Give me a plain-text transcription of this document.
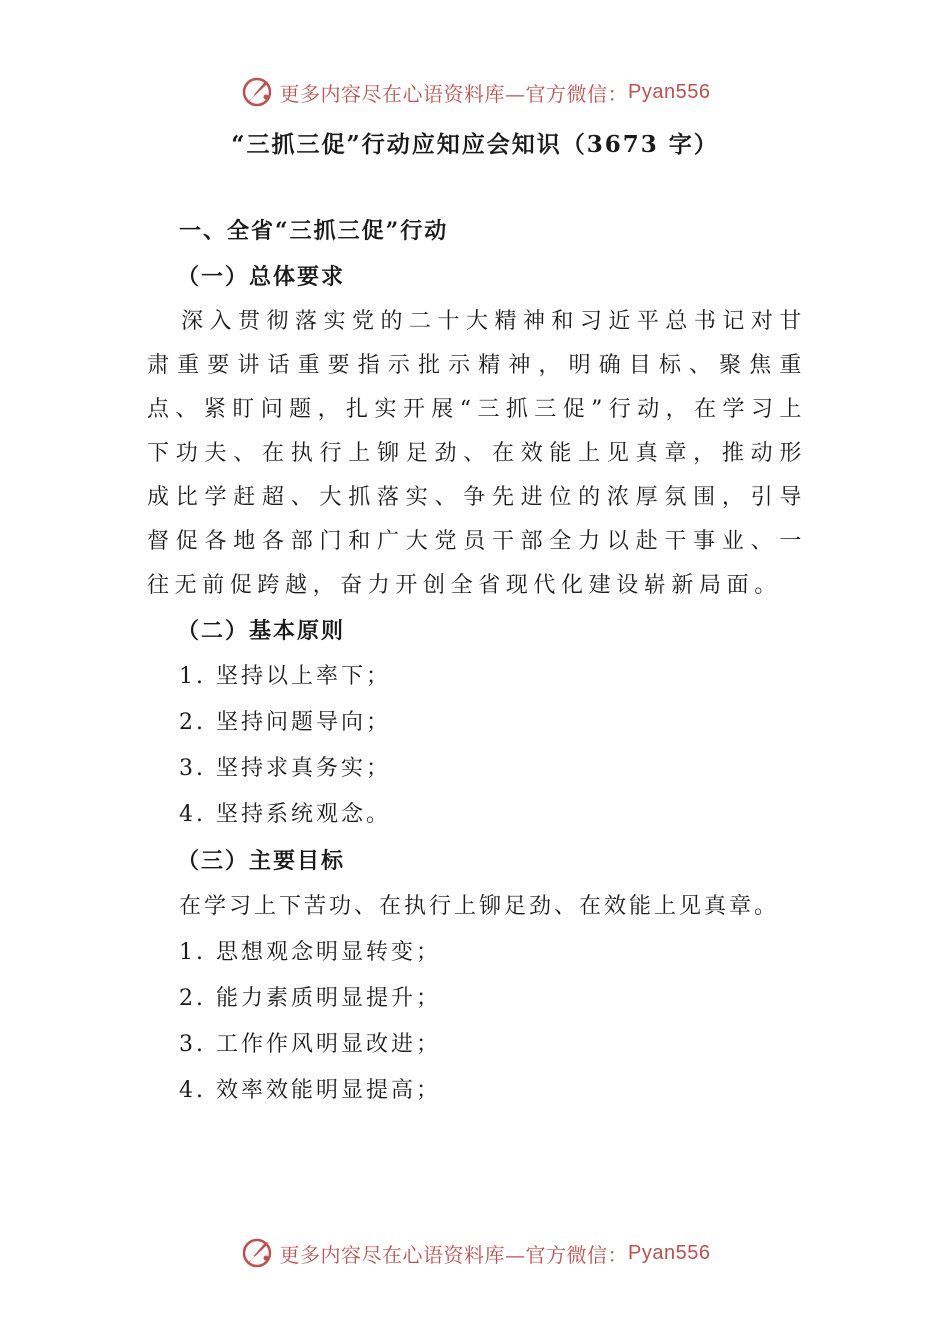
更多内容尽在心语资料库—官方微信： Pyan556
“三抓三促”行动应知应会知识（3673 字）
一、全省“三抓三促”行动
（一）总体要求

深入贯彻落实党的二十大精神和习近平总书记对甘肃重要讲话重要指示批示精神，明确目标、聚焦重点、紧盯问题，扎实开展“三抓三促”行动，在学习上下功夫、在执行上铆足劲、在效能上见真章，推动形成比学赶超、大抓落实、争先进位的浓厚氛围，引导督促各地各部门和广大党员干部全力以赴干事业、一往无前促跨越，奋力开创全省现代化建设崭新局面。

（二）基本原则
1. 坚持以上率下；
2. 坚持问题导向；
3. 坚持求真务实；
4. 坚持系统观念。
（三）主要目标
在学习上下苦功、在执行上铆足劲、在效能上见真章。
1. 思想观念明显转变；
2. 能力素质明显提升；
3. 工作作风明显改进；
4. 效率效能明显提高；
更多内容尽在心语资料库—官方微信： Pyan556
